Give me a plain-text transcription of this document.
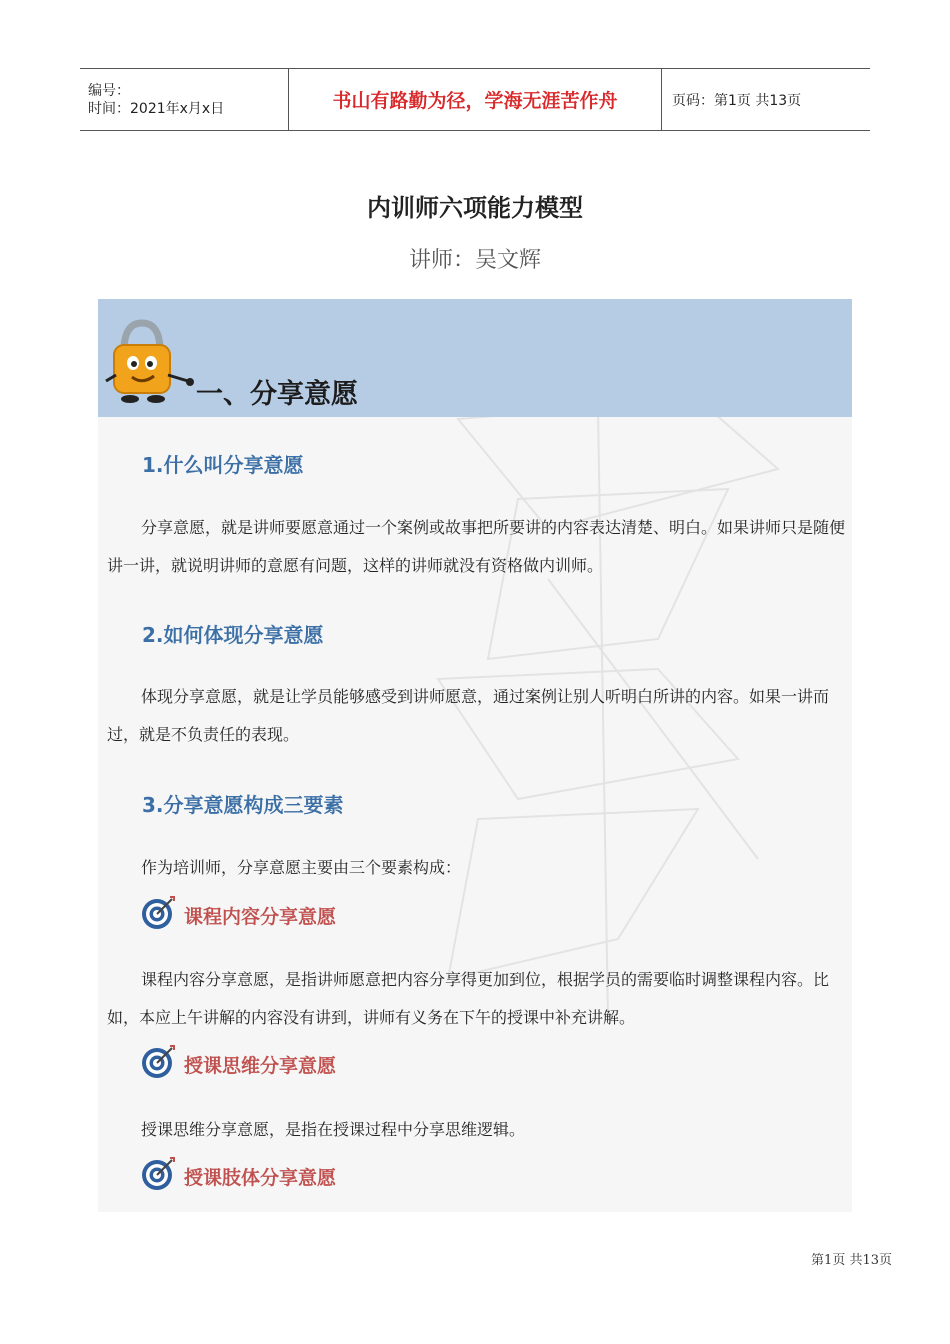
编号：
时间：2021年x月x日	书山有路勤为径，学海无涯苦作舟	页码：第1页 共13页
内训师六项能力模型
讲师：吴文辉
一、分享意愿
1.什么叫分享意愿
分享意愿，就是讲师要愿意通过一个案例或故事把所要讲的内容表达清楚、明白。如果讲师只是随便讲一讲，就说明讲师的意愿有问题，这样的讲师就没有资格做内训师。
2.如何体现分享意愿
体现分享意愿，就是让学员能够感受到讲师愿意，通过案例让别人听明白所讲的内容。如果一讲而过，就是不负责任的表现。
3.分享意愿构成三要素
作为培训师，分享意愿主要由三个要素构成：
课程内容分享意愿
课程内容分享意愿，是指讲师愿意把内容分享得更加到位，根据学员的需要临时调整课程内容。比如，本应上午讲解的内容没有讲到，讲师有义务在下午的授课中补充讲解。
授课思维分享意愿
授课思维分享意愿，是指在授课过程中分享思维逻辑。
授课肢体分享意愿
第1页 共13页
